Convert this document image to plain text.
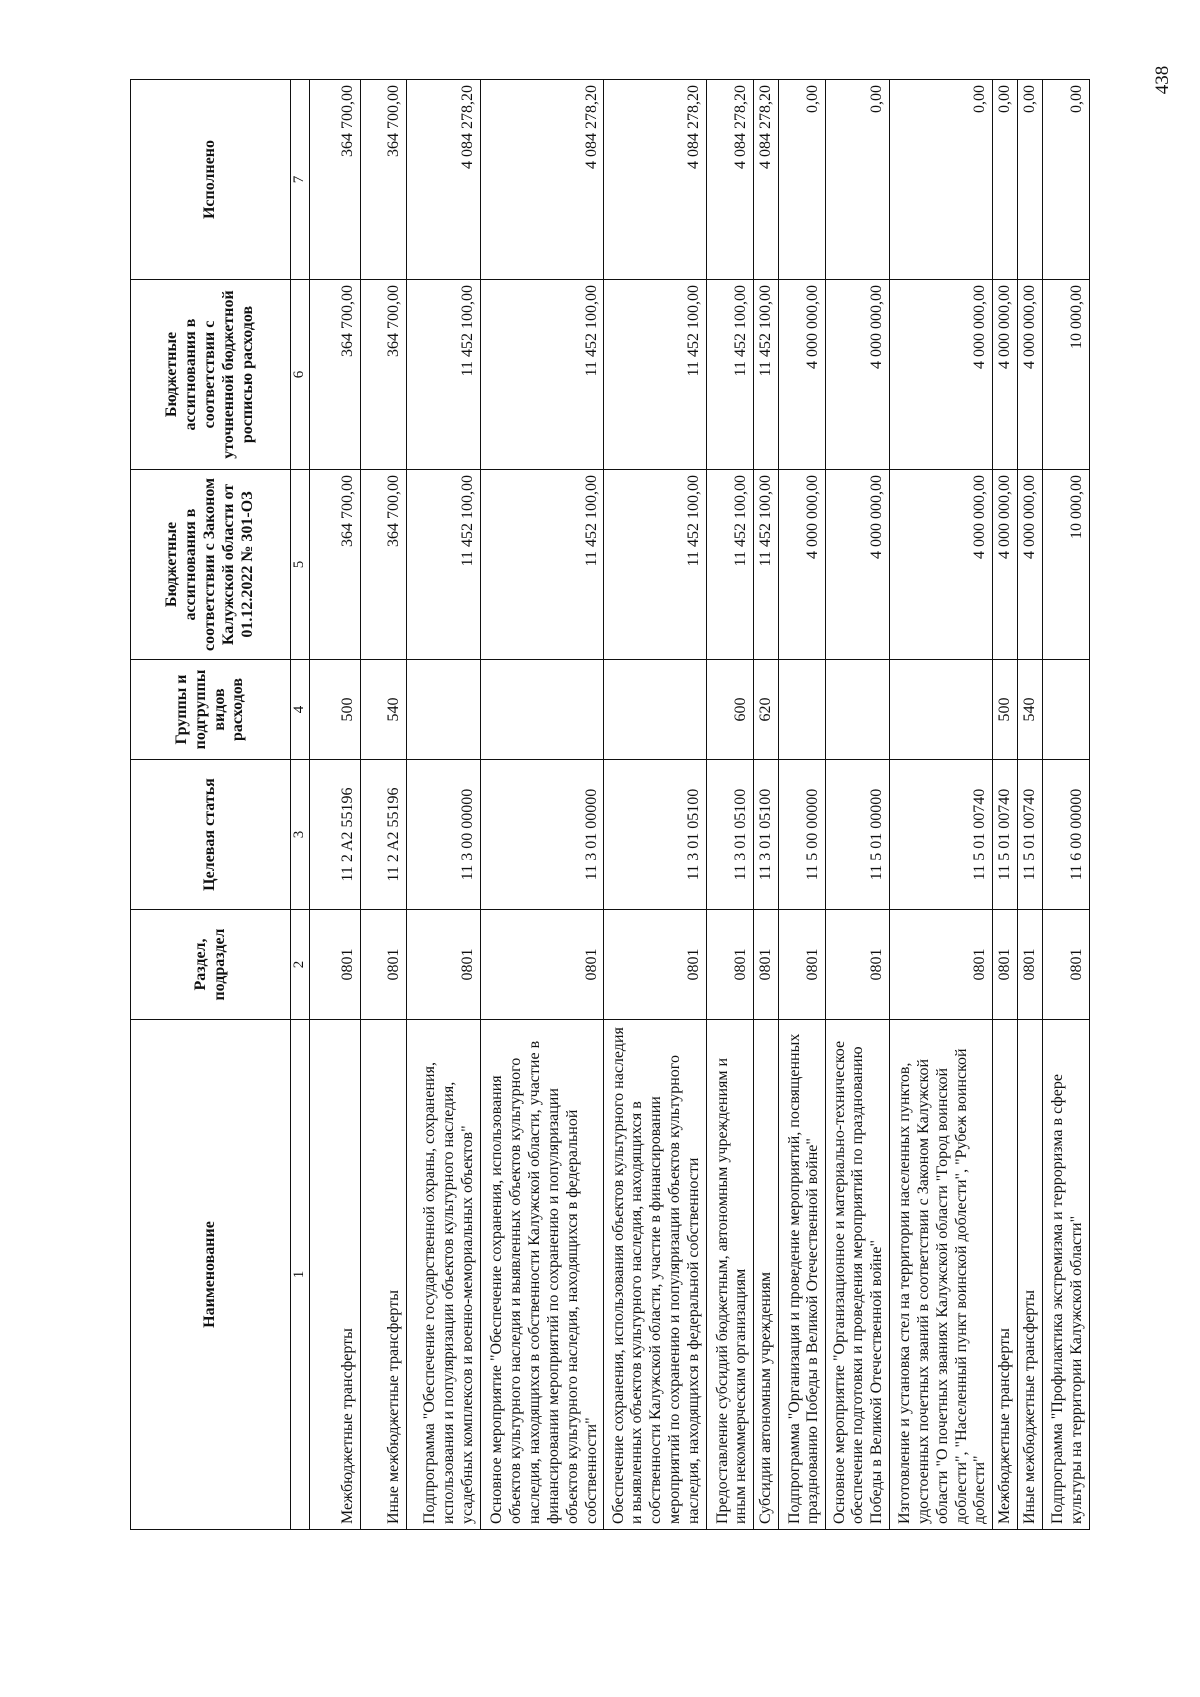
438
Наименование	Раздел, подраздел	Целевая статья	Группы и подгруппы видов расходов	Бюджетные ассигнования в соответствии с Законом Калужской области от 01.12.2022 № 301-ОЗ	Бюджетные ассигнования в соответствии с уточненной бюджетной росписью расходов	Исполнено
1	2	3	4	5	6	7
Межбюджетные трансферты	0801	11 2 A2 55196	500	364 700,00	364 700,00	364 700,00
Иные межбюджетные трансферты	0801	11 2 A2 55196	540	364 700,00	364 700,00	364 700,00
Подпрограмма "Обеспечение государственной охраны, сохранения, использования и популяризации объектов культурного наследия, усадебных комплексов и военно-мемориальных объектов"	0801	11 3 00 00000		11 452 100,00	11 452 100,00	4 084 278,20
Основное мероприятие "Обеспечение сохранения, использования объектов культурного наследия и выявленных объектов культурного наследия, находящихся в собственности Калужской области, участие в финансировании мероприятий по сохранению и популяризации объектов культурного наследия, находящихся в федеральной собственности"	0801	11 3 01 00000		11 452 100,00	11 452 100,00	4 084 278,20
Обеспечение сохранения, использования объектов культурного наследия и выявленных объектов культурного наследия, находящихся в собственности Калужской области, участие в финансировании мероприятий по сохранению и популяризации объектов культурного наследия, находящихся в федеральной собственности	0801	11 3 01 05100		11 452 100,00	11 452 100,00	4 084 278,20
Предоставление субсидий бюджетным, автономным учреждениям и иным некоммерческим организациям	0801	11 3 01 05100	600	11 452 100,00	11 452 100,00	4 084 278,20
Субсидии автономным учреждениям	0801	11 3 01 05100	620	11 452 100,00	11 452 100,00	4 084 278,20
Подпрограмма "Организация и проведение мероприятий, посвященных празднованию Победы в Великой Отечественной войне"	0801	11 5 00 00000		4 000 000,00	4 000 000,00	0,00
Основное мероприятие "Организационное и материально-техническое обеспечение подготовки и проведения мероприятий по празднованию Победы в Великой Отечественной войне"	0801	11 5 01 00000		4 000 000,00	4 000 000,00	0,00
Изготовление и установка стел на территории населенных пунктов, удостоенных почетных званий в соответствии с Законом Калужской области "О почетных званиях Калужской области "Город воинской доблести", "Населенный пункт воинской доблести", "Рубеж воинской доблести"	0801	11 5 01 00740		4 000 000,00	4 000 000,00	0,00
Межбюджетные трансферты	0801	11 5 01 00740	500	4 000 000,00	4 000 000,00	0,00
Иные межбюджетные трансферты	0801	11 5 01 00740	540	4 000 000,00	4 000 000,00	0,00
Подпрограмма "Профилактика экстремизма и терроризма в сфере культуры на территории Калужской области"	0801	11 6 00 00000		10 000,00	10 000,00	0,00
